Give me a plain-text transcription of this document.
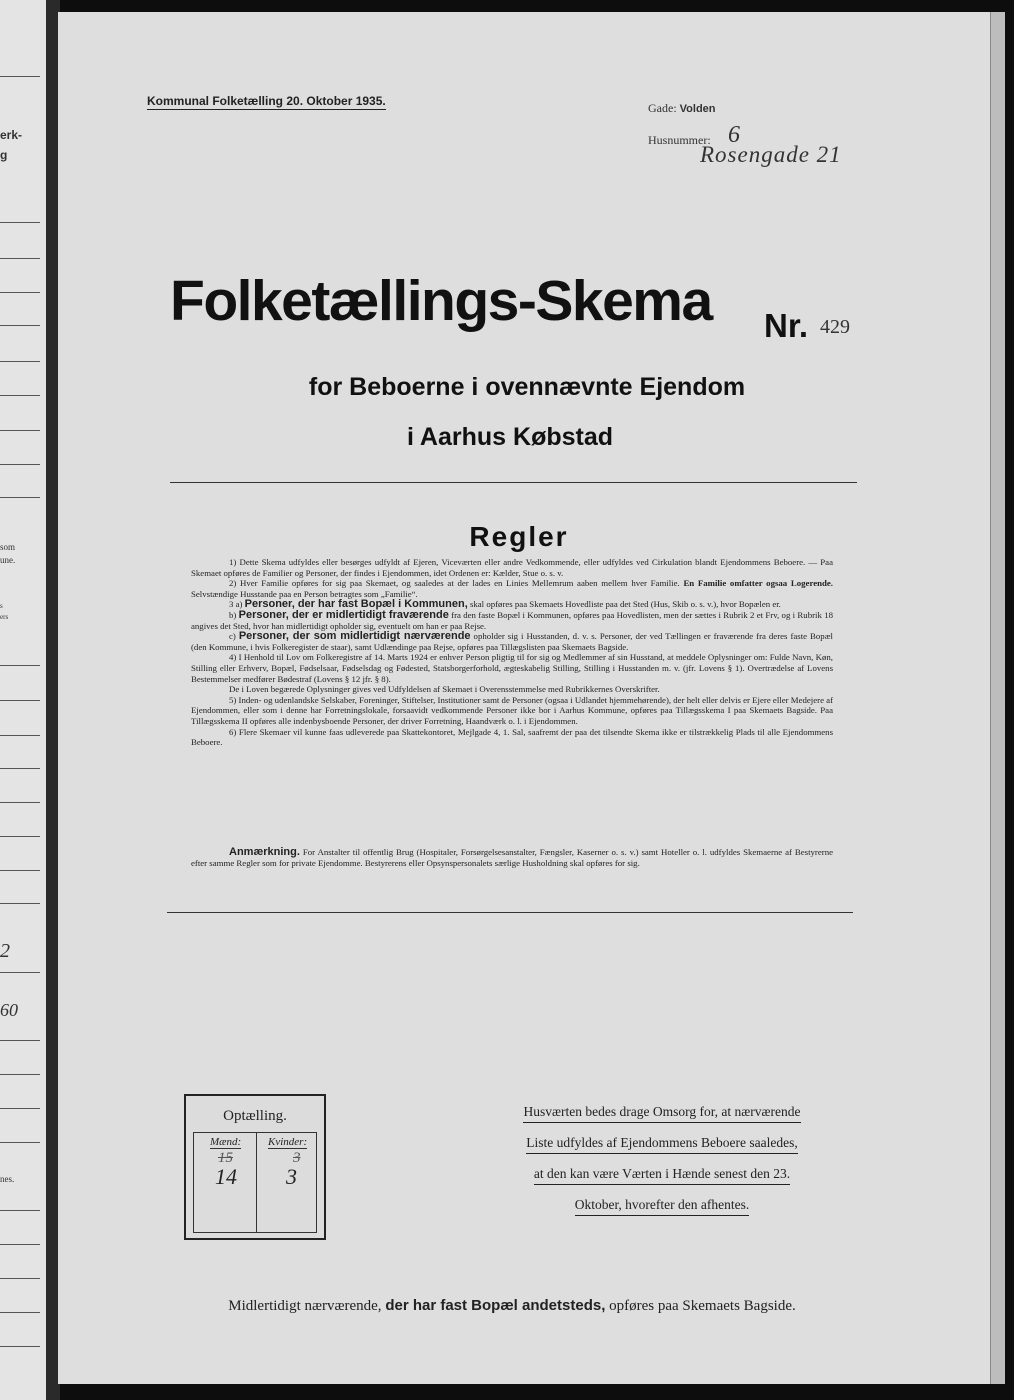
erk-
g
som
une.
s
ers
2
60
nes.
Kommunal Folketælling 20. Oktober 1935.	Gade: Volden
Husnummer: 6
Rosengade 21
Folketællings-Skema Nr. 429
for Beboerne i ovennævnte Ejendom
i Aarhus Købstad
Regler

1) Dette Skema udfyldes eller besørges udfyldt af Ejeren, Viceværten eller andre Vedkommende, eller udfyldes ved Cirkulation blandt Ejendommens Beboere. — Paa Skemaet opføres de Familier og Personer, der findes i Ejendommen, idet Ordenen er: Kælder, Stue o. s. v.

2) Hver Familie opføres for sig paa Skemaet, og saaledes at der lades en Linies Mellemrum aaben mellem hver Familie. En Familie omfatter ogsaa Logerende. Selvstændige Husstande paa en Person betragtes som „Familie“.

3 a) Personer, der har fast Bopæl i Kommunen, skal opføres paa Skemaets Hovedliste paa det Sted (Hus, Skib o. s. v.), hvor Bopælen er.

b) Personer, der er midlertidigt fraværende fra den faste Bopæl i Kommunen, opføres paa Hovedlisten, men der sættes i Rubrik 2 et Frv, og i Rubrik 18 angives det Sted, hvor han midlertidigt opholder sig, eventuelt om han er paa Rejse.

c) Personer, der som midlertidigt nærværende opholder sig i Husstanden, d. v. s. Personer, der ved Tællingen er fraværende fra deres faste Bopæl (den Kommune, i hvis Folkeregister de staar), samt Udlændinge paa Rejse, opføres paa Tillægslisten paa Skemaets Bagside.

4) I Henhold til Lov om Folkeregistre af 14. Marts 1924 er enhver Person pligtig til for sig og Medlemmer af sin Husstand, at meddele Oplysninger om: Fulde Navn, Køn, Stilling eller Erhverv, Bopæl, Fødselsaar, Fødselsdag og Fødested, Statsborgerforhold, ægteskabelig Stilling, Stilling i Husstanden m. v. (jfr. Lovens § 1). Overtrædelse af Lovens Bestemmelser medfører Bødestraf (Lovens § 12 jfr. § 8).

De i Loven begærede Oplysninger gives ved Udfyldelsen af Skemaet i Overensstemmelse med Rubrikkernes Overskrifter.

5) Inden- og udenlandske Selskaber, Foreninger, Stiftelser, Institutioner samt de Personer (ogsaa i Udlandet hjemmehørende), der helt eller delvis er Ejere eller Medejere af Ejendommen, eller som i denne har Forretningslokale, forsaavidt vedkommende Personer ikke bor i Aarhus Kommune, opføres paa Tillægsskema I paa Skemaets Bagside. Paa Tillægsskema II opføres alle indenbysboende Personer, der driver Forretning, Haandværk o. l. i Ejendommen.

6) Flere Skemaer vil kunne faas udleverede paa Skattekontoret, Mejlgade 4, 1. Sal, saafremt der paa det tilsendte Skema ikke er tilstrækkelig Plads til alle Ejendommens Beboere.

Anmærkning. For Anstalter til offentlig Brug (Hospitaler, Forsørgelsesanstalter, Fængsler, Kaserner o. s. v.) samt Hoteller o. l. udfyldes Skemaerne af Bestyrerne efter samme Regler som for private Ejendomme. Bestyrerens eller Opsynspersonalets særlige Husholdning skal opføres for sig.

Optælling.
Mænd: Kvinder:
15
14
3
3
Husværten bedes drage Omsorg for, at nærværende
Liste udfyldes af Ejendommens Beboere saaledes,
at den kan være Værten i Hænde senest den 23.
Oktober, hvorefter den afhentes.
Midlertidigt nærværende, der har fast Bopæl andetsteds, opføres paa Skemaets Bagside.
